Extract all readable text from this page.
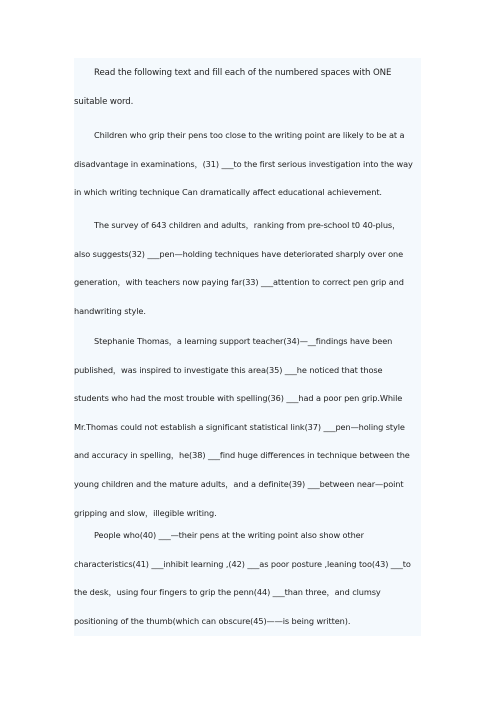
Read the following text and fill each of the numbered spaces with ONE
suitable word.
Children who grip their pens too close to the writing point are likely to be at a
disadvantage in examinations，(31) ___to the first serious investigation into the way
in which writing technique Can dramatically affect educational achievement.
The survey of 643 children and adults，ranking from pre-school t0 40-plus，
also suggests(32) ___pen—holding techniques have deteriorated sharply over one
generation，with teachers now paying far(33) ___attention to correct pen grip and
handwriting style.
Stephanie Thomas，a learning support teacher(34)—__findings have been
published，was inspired to investigate this area(35) ___he noticed that those
students who had the most trouble with spelling(36) ___had a poor pen grip.While
Mr.Thomas could not establish a significant statistical link(37) ___pen—holing style
and accuracy in spelling，he(38) ___find huge differences in technique between the
young children and the mature adults，and a definite(39) ___between near—point
gripping and slow，illegible writing.
People who(40) ___—their pens at the writing point also show other
characteristics(41) ___inhibit learning ,(42) ___as poor posture ,leaning too(43) ___to
the desk，using four fingers to grip the penn(44) ___than three，and clumsy
positioning of the thumb(which can obscure(45)——is being written).
